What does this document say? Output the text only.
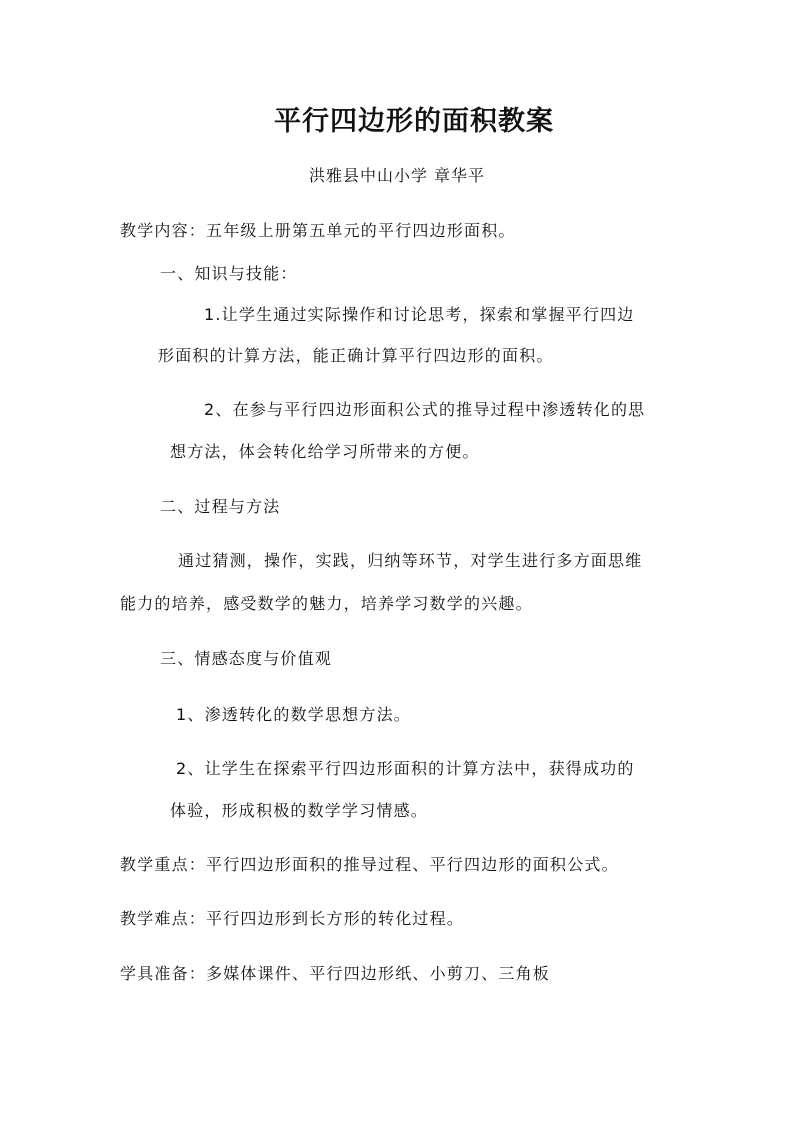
平行四边形的面积教案
洪雅县中山小学 章华平
教学内容：五年级上册第五单元的平行四边形面积。
一、知识与技能：
1.让学生通过实际操作和讨论思考，探索和掌握平行四边
形面积的计算方法，能正确计算平行四边形的面积。
2、在参与平行四边形面积公式的推导过程中渗透转化的思
想方法，体会转化给学习所带来的方便。
二、过程与方法
通过猜测，操作，实践，归纳等环节，对学生进行多方面思维
能力的培养，感受数学的魅力，培养学习数学的兴趣。
三、情感态度与价值观
1、渗透转化的数学思想方法。
2、让学生在探索平行四边形面积的计算方法中，获得成功的
体验，形成积极的数学学习情感。
教学重点：平行四边形面积的推导过程、平行四边形的面积公式。
教学难点：平行四边形到长方形的转化过程。
学具准备：多媒体课件、平行四边形纸、小剪刀、三角板
